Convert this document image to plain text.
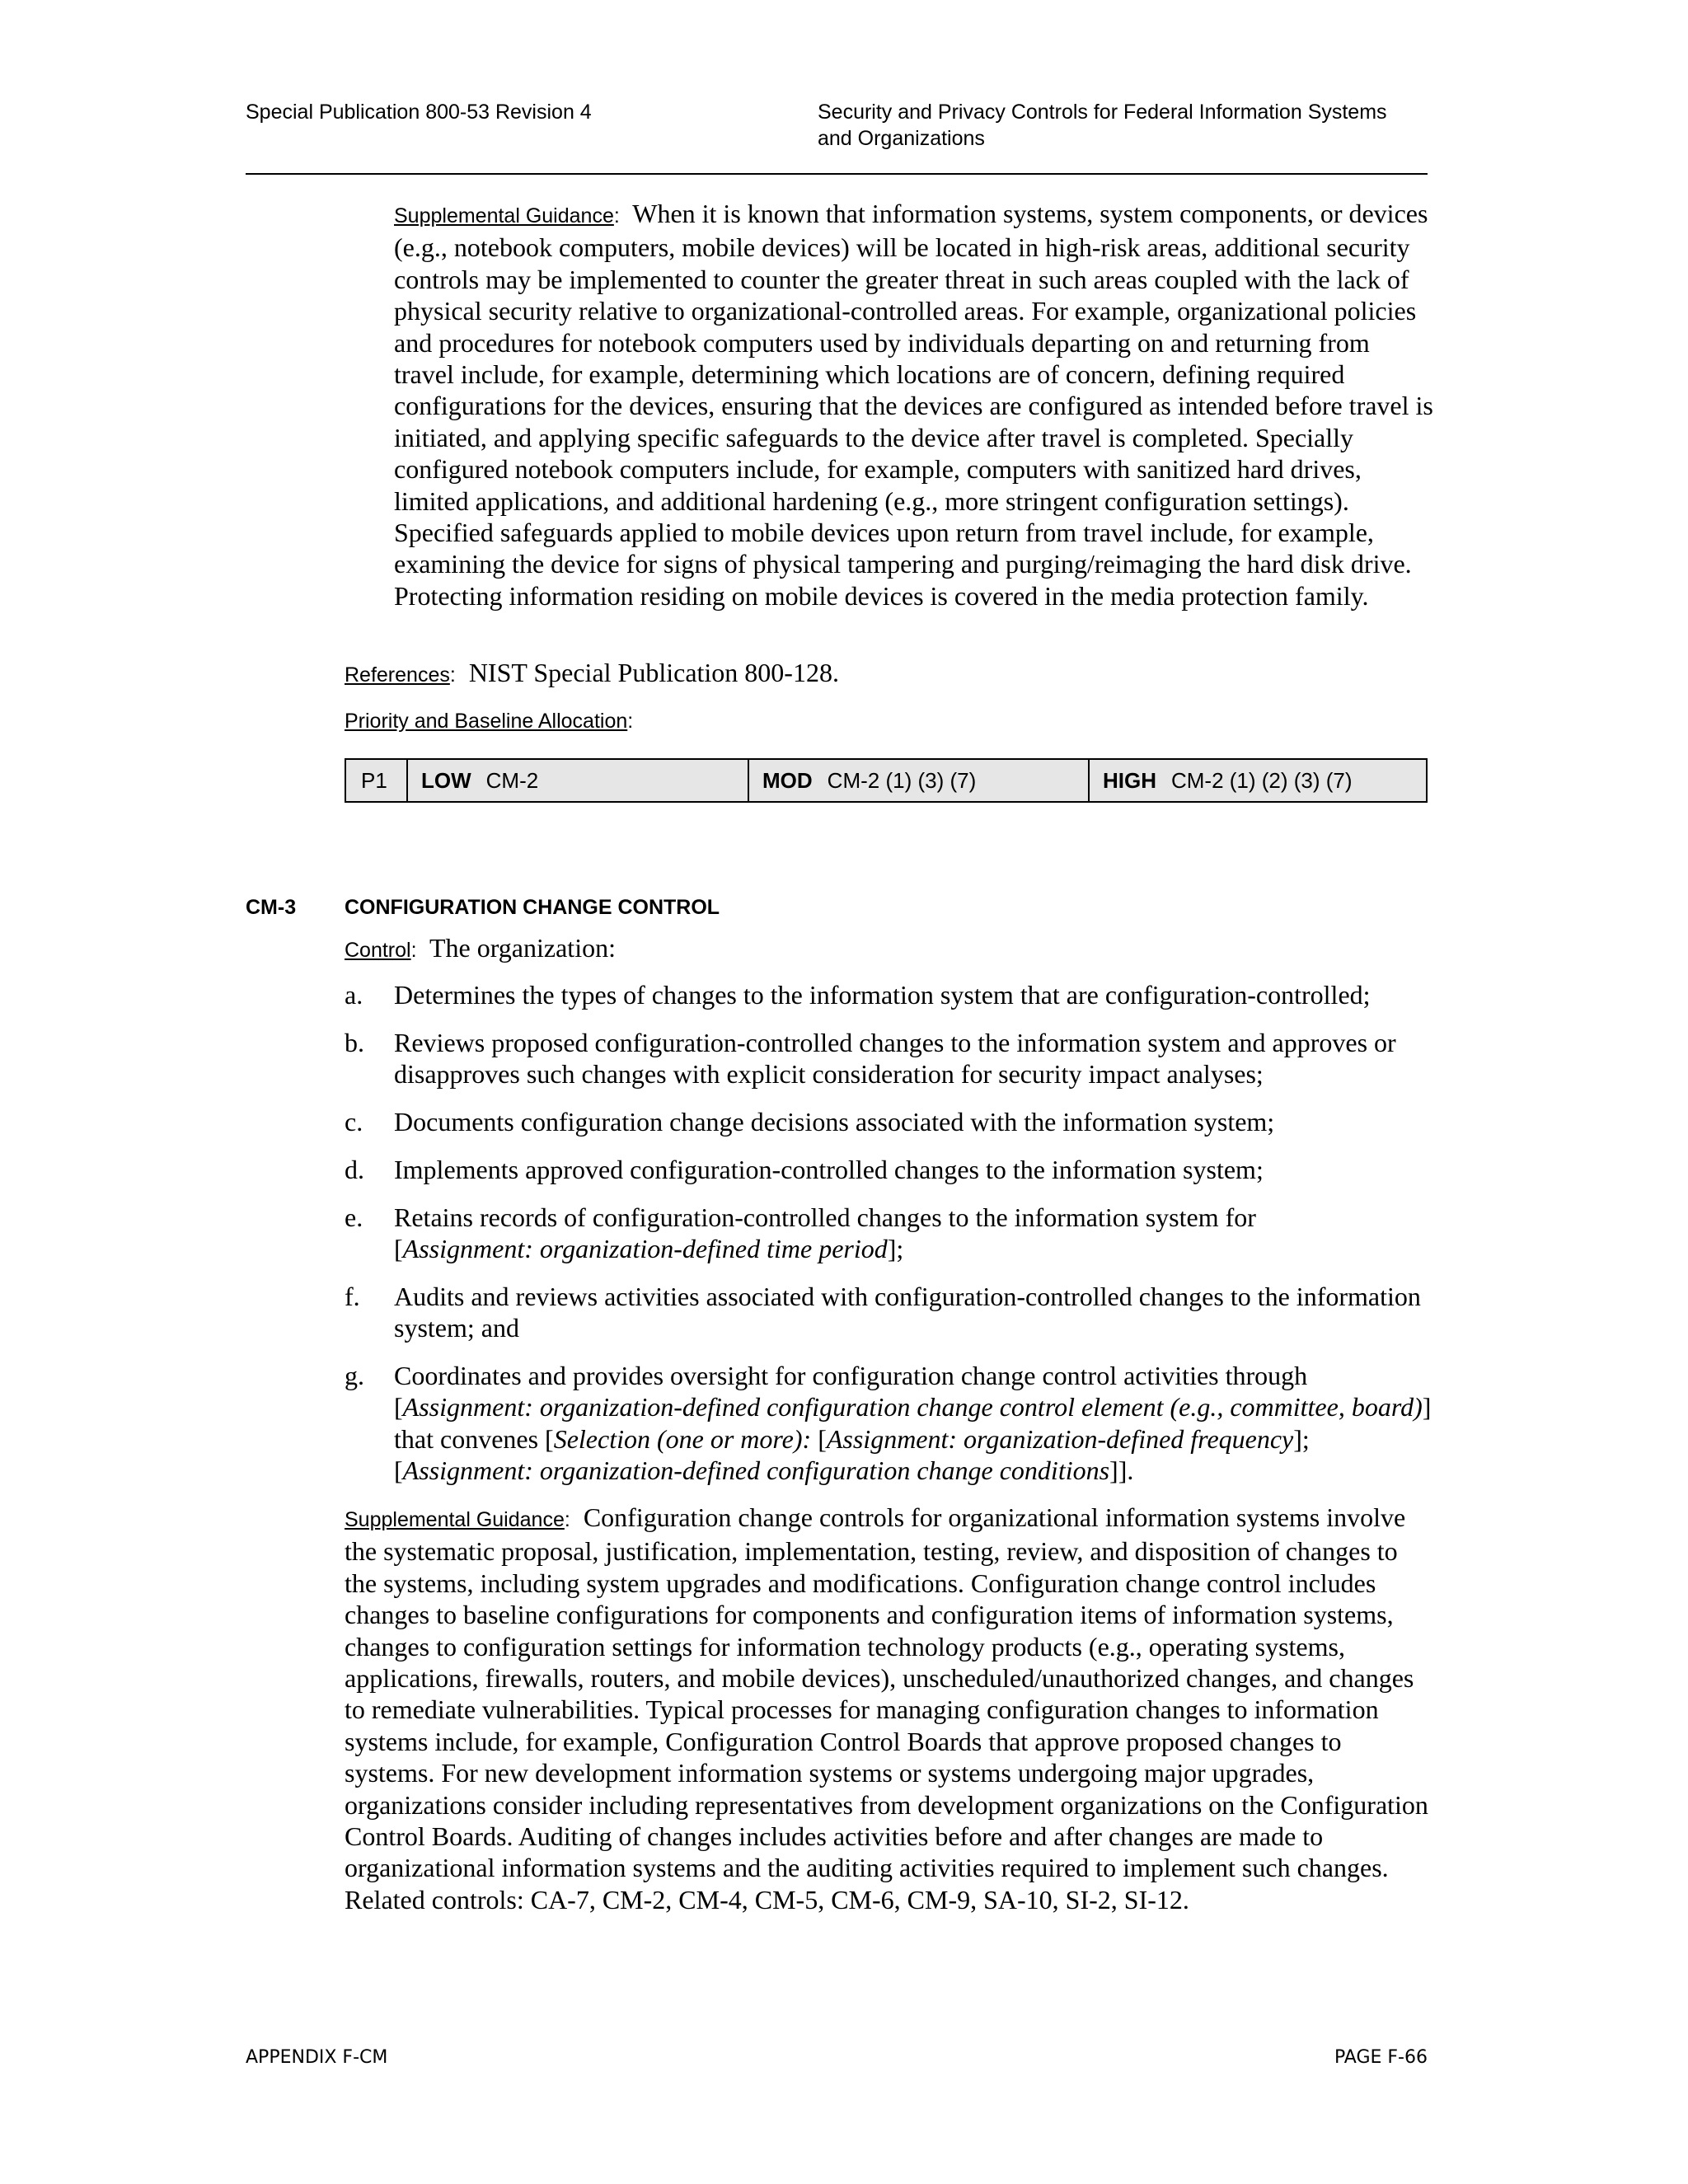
Special Publication 800-53 Revision 4	Security and Privacy Controls for Federal Information Systems
and Organizations
Supplemental Guidance: When it is known that information systems, system components, or devices (e.g., notebook computers, mobile devices) will be located in high-risk areas, additional security controls may be implemented to counter the greater threat in such areas coupled with the lack of physical security relative to organizational-controlled areas. For example, organizational policies and procedures for notebook computers used by individuals departing on and returning from travel include, for example, determining which locations are of concern, defining required configurations for the devices, ensuring that the devices are configured as intended before travel is initiated, and applying specific safeguards to the device after travel is completed. Specially configured notebook computers include, for example, computers with sanitized hard drives, limited applications, and additional hardening (e.g., more stringent configuration settings). Specified safeguards applied to mobile devices upon return from travel include, for example, examining the device for signs of physical tampering and purging/reimaging the hard disk drive. Protecting information residing on mobile devices is covered in the media protection family.
References: NIST Special Publication 800-128.
Priority and Baseline Allocation:
P1 LOW CM-2	MOD CM-2 (1) (3) (7)	HIGH CM-2 (1) (2) (3) (7)
CM-3 CONFIGURATION CHANGE CONTROL
Control: The organization:
a. Determines the types of changes to the information system that are configuration-controlled;
b. Reviews proposed configuration-controlled changes to the information system and approves or disapproves such changes with explicit consideration for security impact analyses;
c. Documents configuration change decisions associated with the information system;
d. Implements approved configuration-controlled changes to the information system;
e. Retains records of configuration-controlled changes to the information system for
[Assignment: organization-defined time period];
f. Audits and reviews activities associated with configuration-controlled changes to the information system; and
g. Coordinates and provides oversight for configuration change control activities through [Assignment: organization-defined configuration change control element (e.g., committee, board)] that convenes [Selection (one or more): [Assignment: organization-defined frequency]; [Assignment: organization-defined configuration change conditions]].
Supplemental Guidance: Configuration change controls for organizational information systems involve the systematic proposal, justification, implementation, testing, review, and disposition of changes to the systems, including system upgrades and modifications. Configuration change control includes changes to baseline configurations for components and configuration items of information systems, changes to configuration settings for information technology products (e.g., operating systems, applications, firewalls, routers, and mobile devices), unscheduled/unauthorized changes, and changes to remediate vulnerabilities. Typical processes for managing configuration changes to information systems include, for example, Configuration Control Boards that approve proposed changes to systems. For new development information systems or systems undergoing major upgrades, organizations consider including representatives from development organizations on the Configuration Control Boards. Auditing of changes includes activities before and after changes are made to organizational information systems and the auditing activities required to implement such changes. Related controls: CA-7, CM-2, CM-4, CM-5, CM-6, CM-9, SA-10, SI-2, SI-12.
APPENDIX F-CM	PAGE F-66
